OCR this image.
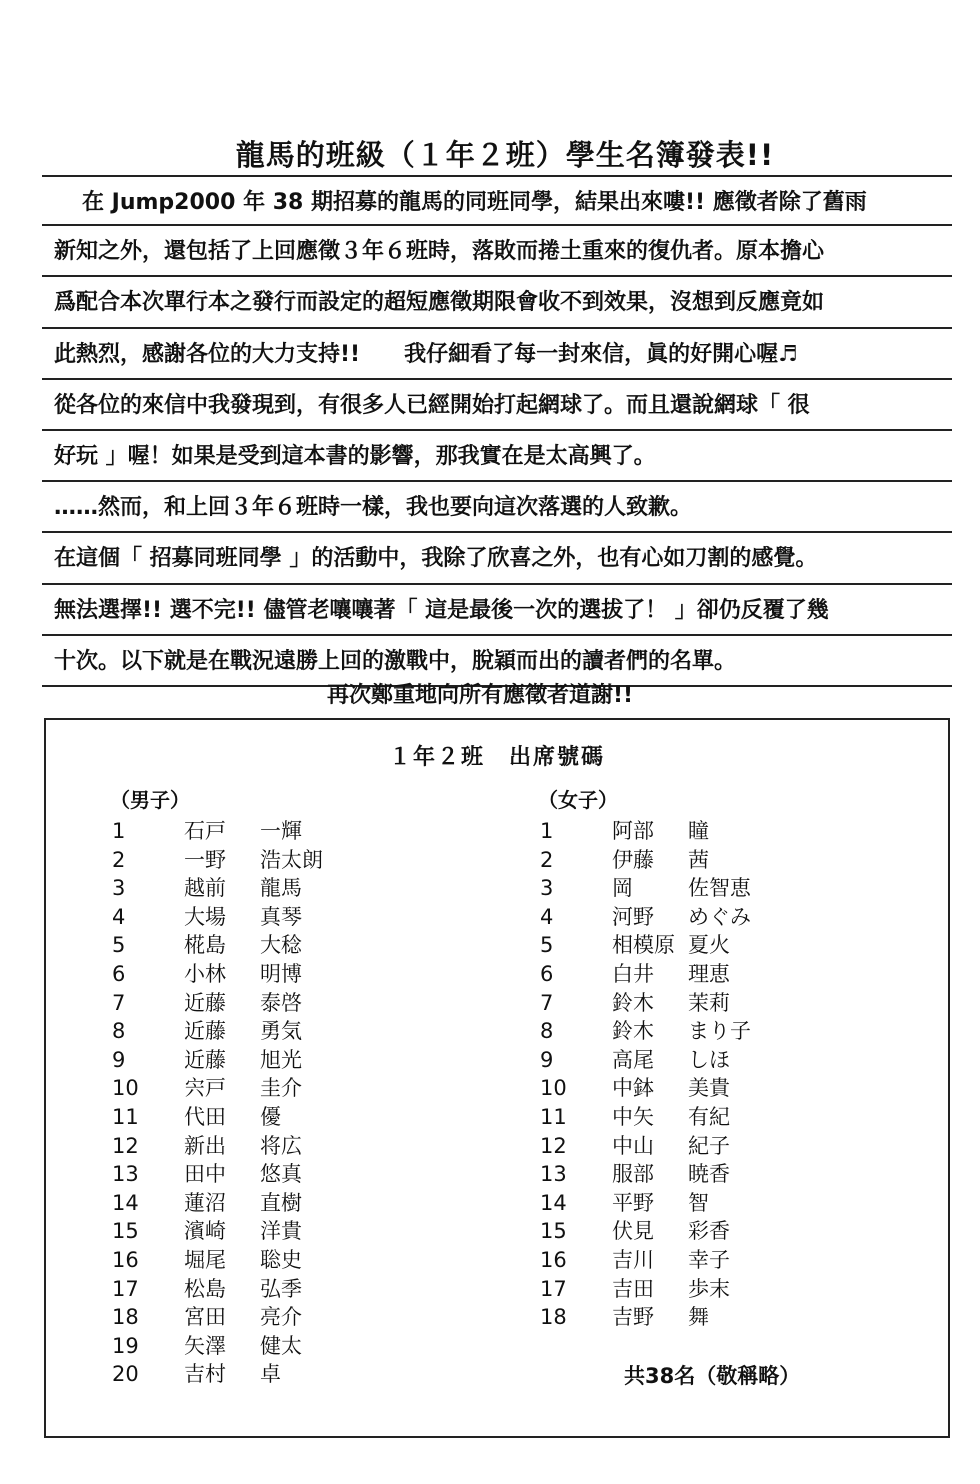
龍馬的班級（１年２班）學生名簿發表!!
在 Jump2000 年 38 期招募的龍馬的同班同學，結果出來嘍!! 應徵者除了舊雨
新知之外，還包括了上回應徵３年６班時，落敗而捲土重來的復仇者。原本擔心
爲配合本次單行本之發行而設定的超短應徵期限會收不到效果，沒想到反應竟如
此熱烈，感謝各位的大力支持!!　　我仔細看了每一封來信，眞的好開心喔♬
從各位的來信中我發現到，有很多人已經開始打起網球了。而且還說網球「 很
好玩 」喔！如果是受到這本書的影響，那我實在是太高興了。
……然而，和上回３年６班時一樣，我也要向這次落選的人致歉。
在這個「 招募同班同學 」的活動中，我除了欣喜之外，也有心如刀割的感覺。
無法選擇!! 選不完!! 儘管老嚷嚷著「 這是最後一次的選拔了！ 」卻仍反覆了幾
十次。以下就是在戰況遠勝上回的激戰中，脫穎而出的讀者們的名單。
再次鄭重地向所有應徵者道謝!!
１年２班　出席號碼
（男子）	（女子）
1	石戸 一輝
2	一野 浩太朗
3	越前 龍馬
4	大場 真琴
5	椛島 大稔
6	小林 明博
7	近藤 泰啓
8	近藤 勇気
9	近藤 旭光
10	宍戸 圭介
11	代田 優
12	新出 将広
13	田中 悠真
14	蓮沼 直樹
15	濱崎 洋貴
16	堀尾 聡史
17	松島 弘季
18	宮田 亮介
19	矢澤 健太
20	吉村 卓
1	阿部 瞳
2	伊藤 茜
3	岡	佐智恵
4	河野 めぐみ
5	相模原 夏火
6	白井 理恵
7	鈴木 茉莉
8	鈴木 まり子
9	高尾 しほ
10	中鉢 美貴
11	中矢 有紀
12	中山 紀子
13	服部 暁香
14	平野 智
15	伏見 彩香
16	吉川 幸子
17	吉田 歩末
18	吉野 舞
共38名（敬稱略）
